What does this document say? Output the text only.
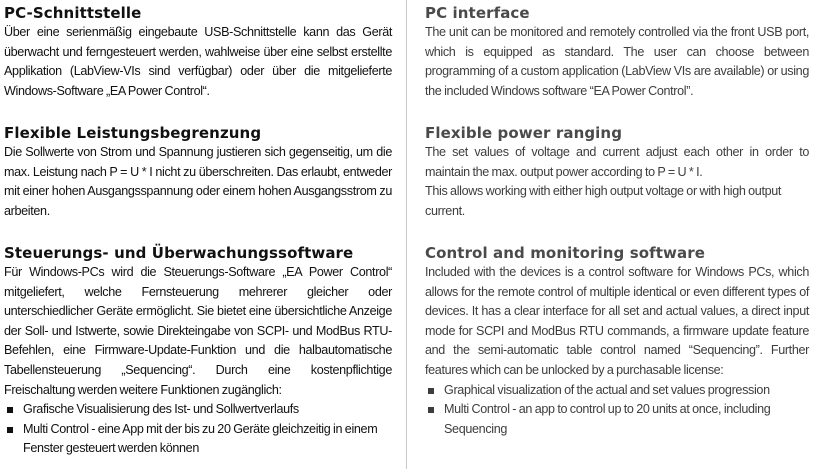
PC-Schnittstelle

Über eine serienmäßig eingebaute USB-Schnittstelle kann das Gerät überwacht und ferngesteuert werden, wahlweise über eine selbst erstellte Applikation (LabView-VIs sind verfügbar) oder über die mitgelieferte Windows-Software „EA Power Control“.

Flexible Leistungsbegrenzung

Die Sollwerte von Strom und Spannung justieren sich gegenseitig, um die max. Leistung nach P = U * I nicht zu überschreiten. Das erlaubt, entweder mit einer hohen Ausgangsspannung oder einem hohen Ausgangsstrom zu arbeiten.

Steuerungs- und Überwachungssoftware

Für Windows-PCs wird die Steuerungs-Software „EA Power Control“ mitgeliefert, welche Fernsteuerung mehrerer gleicher oder unterschiedlicher Geräte ermöglicht. Sie bietet eine übersichtliche Anzeige der Soll- und Istwerte, sowie Direkteingabe von SCPI- und ModBus RTU-Befehlen, eine Firmware-Update-Funktion und die halbautomatische Tabellensteuerung „Sequencing“. Durch eine kostenpflichtige Freischaltung werden weitere Funktionen zugänglich:

Grafische Visualisierung des Ist- und Sollwertverlaufs
Multi Control - eine App mit der bis zu 20 Geräte gleichzeitig in einem Fenster gesteuert werden können
PC interface

The unit can be monitored and remotely controlled via the front USB port, which is equipped as standard. The user can choose between programming of a custom application (LabView VIs are available) or using the included Windows software “EA Power Control”.

Flexible power ranging

The set values of voltage and current adjust each other in order to maintain the max. output power according to P = U * I.

This allows working with either high output voltage or with high output current.

Control and monitoring software

Included with the devices is a control software for Windows PCs, which allows for the remote control of multiple identical or even different types of devices. It has a clear interface for all set and actual values, a direct input mode for SCPI and ModBus RTU commands, a firmware update feature and the semi-automatic table control named “Sequencing”. Further features which can be unlocked by a purchasable license:

Graphical visualization of the actual and set values progression
Multi Control - an app to control up to 20 units at once, including Sequencing
